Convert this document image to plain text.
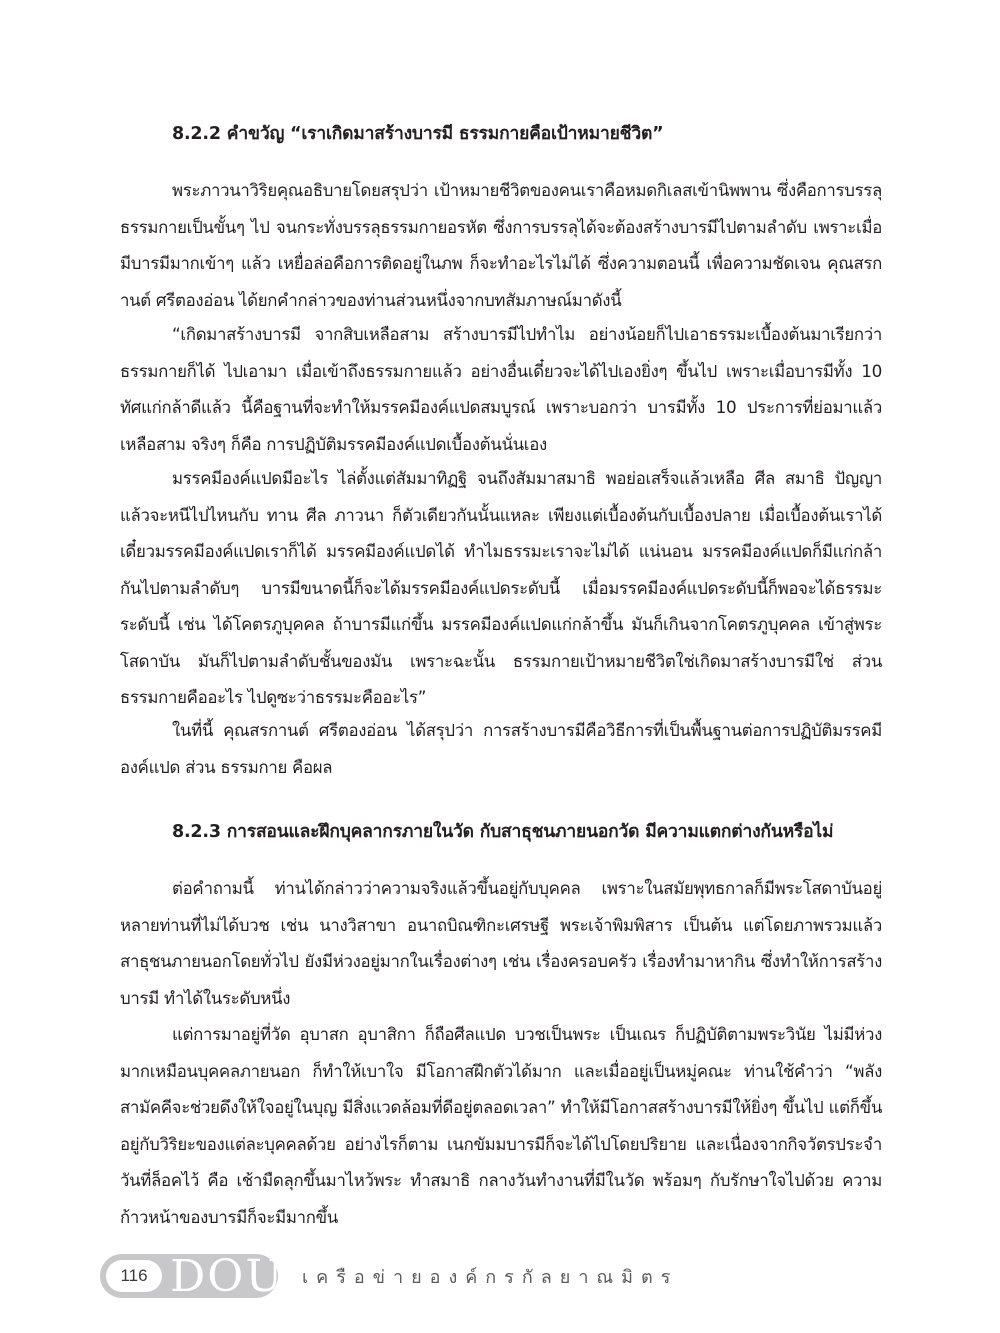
8.2.2 คำขวัญ “เราเกิดมาสร้างบารมี ธรรมกายคือเป้าหมายชีวิต”

พระภาวนาวิริยคุณอธิบายโดยสรุปว่า เป้าหมายชีวิตของคนเราคือหมดกิเลสเข้านิพพาน ซึ่งคือการบรรลุธรรมกายเป็นขั้นๆ ไป จนกระทั่งบรรลุธรรมกายอรหัต ซึ่งการบรรลุได้จะต้องสร้างบารมีไปตามลำดับ เพราะเมื่อมีบารมีมากเข้าๆ แล้ว เหยื่อล่อคือการติดอยู่ในภพ ก็จะทำอะไรไม่ได้ ซึ่งความตอนนี้ เพื่อความชัดเจน คุณสรกานต์ ศรีตองอ่อน ได้ยกคำกล่าวของท่านส่วนหนึ่งจากบทสัมภาษณ์มาดังนี้

“เกิดมาสร้างบารมี จากสิบเหลือสาม สร้างบารมีไปทำไม อย่างน้อยก็ไปเอาธรรมะเบื้องต้นมาเรียกว่าธรรมกายก็ได้ ไปเอามา เมื่อเข้าถึงธรรมกายแล้ว อย่างอื่นเดี๋ยวจะได้ไปเองยิ่งๆ ขึ้นไป เพราะเมื่อบารมีทั้ง 10 ทัศแก่กล้าดีแล้ว นี้คือฐานที่จะทำให้มรรคมีองค์แปดสมบูรณ์ เพราะบอกว่า บารมีทั้ง 10 ประการที่ย่อมาแล้วเหลือสาม จริงๆ ก็คือ การปฏิบัติมรรคมีองค์แปดเบื้องต้นนั่นเอง

มรรคมีองค์แปดมีอะไร ไล่ตั้งแต่สัมมาทิฏฐิ จนถึงสัมมาสมาธิ พอย่อเสร็จแล้วเหลือ ศีล สมาธิ ปัญญา แล้วจะหนีไปไหนกับ ทาน ศีล ภาวนา ก็ตัวเดียวกันนั้นแหละ เพียงแต่เบื้องต้นกับเบื้องปลาย เมื่อเบื้องต้นเราได้ เดี๋ยวมรรคมีองค์แปดเราก็ได้ มรรคมีองค์แปดได้ ทำไมธรรมะเราจะไม่ได้ แน่นอน มรรคมีองค์แปดก็มีแก่กล้ากันไปตามลำดับๆ บารมีขนาดนี้ก็จะได้มรรคมีองค์แปดระดับนี้ เมื่อมรรคมีองค์แปดระดับนี้ก็พอจะได้ธรรมะระดับนี้ เช่น ได้โคตรภูบุคคล ถ้าบารมีแก่ขึ้น มรรคมีองค์แปดแก่กล้าขึ้น มันก็เกินจากโคตรภูบุคคล เข้าสู่พระโสดาบัน มันก็ไปตามลำดับชั้นของมัน เพราะฉะนั้น ธรรมกายเป้าหมายชีวิตใช่เกิดมาสร้างบารมีใช่ ส่วนธรรมกายคืออะไร ไปดูซะว่าธรรมะคืออะไร”

ในที่นี้ คุณสรกานต์ ศรีตองอ่อน ได้สรุปว่า การสร้างบารมีคือวิธีการที่เป็นพื้นฐานต่อการปฏิบัติมรรคมีองค์แปด ส่วน ธรรมกาย คือผล

8.2.3 การสอนและฝึกบุคลากรภายในวัด กับสาธุชนภายนอกวัด มีความแตกต่างกันหรือไม่

ต่อคำถามนี้ ท่านได้กล่าวว่าความจริงแล้วขึ้นอยู่กับบุคคล เพราะในสมัยพุทธกาลก็มีพระโสดาบันอยู่หลายท่านที่ไม่ได้บวช เช่น นางวิสาขา อนาถบิณฑิกะเศรษฐี พระเจ้าพิมพิสาร เป็นต้น แต่โดยภาพรวมแล้ว สาธุชนภายนอกโดยทั่วไป ยังมีห่วงอยู่มากในเรื่องต่างๆ เช่น เรื่องครอบครัว เรื่องทำมาหากิน ซึ่งทำให้การสร้างบารมี ทำได้ในระดับหนึ่ง

แต่การมาอยู่ที่วัด อุบาสก อุบาสิกา ก็ถือศีลแปด บวชเป็นพระ เป็นเณร ก็ปฏิบัติตามพระวินัย ไม่มีห่วงมากเหมือนบุคคลภายนอก ก็ทำให้เบาใจ มีโอกาสฝึกตัวได้มาก และเมื่ออยู่เป็นหมู่คณะ ท่านใช้คำว่า “พลังสามัคคีจะช่วยดึงให้ใจอยู่ในบุญ มีสิ่งแวดล้อมที่ดีอยู่ตลอดเวลา” ทำให้มีโอกาสสร้างบารมีให้ยิ่งๆ ขึ้นไป แต่ก็ขึ้นอยู่กับวิริยะของแต่ละบุคคลด้วย อย่างไรก็ตาม เนกขัมมบารมีก็จะได้ไปโดยปริยาย และเนื่องจากกิจวัตรประจำวันที่ล็อคไว้ คือ เช้ามืดลุกขึ้นมาไหว้พระ ทำสมาธิ กลางวันทำงานที่มีในวัด พร้อมๆ กับรักษาใจไปด้วย ความก้าวหน้าของบารมีก็จะมีมากขึ้น

116 DOU เครือข่ายองค์กรกัลยาณมิตร
